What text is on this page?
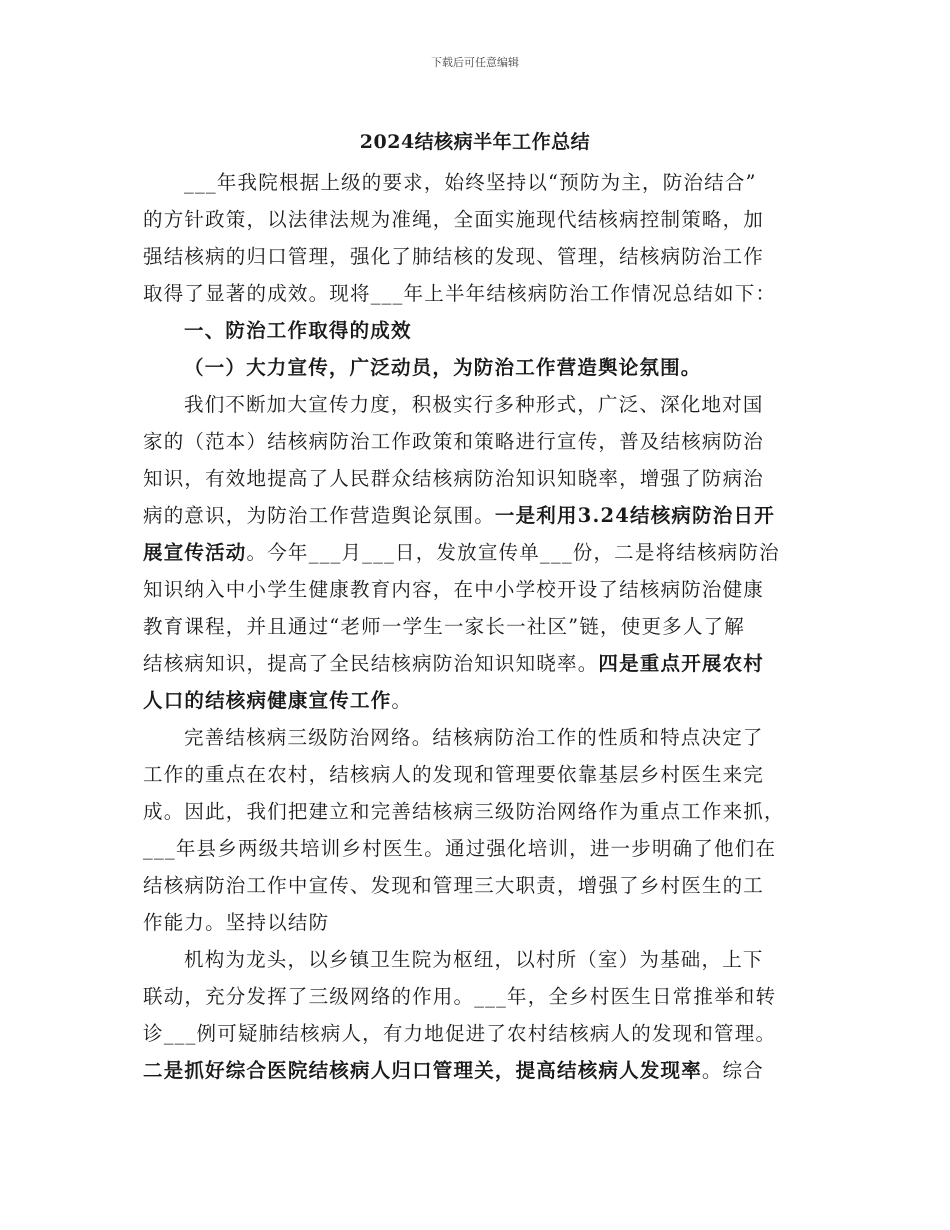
下载后可任意编辑
2024结核病半年工作总结
___年我院根据上级的要求，始终坚持以“预防为主，防治结合”
的方针政策，以法律法规为准绳，全面实施现代结核病控制策略，加
强结核病的归口管理，强化了肺结核的发现、管理，结核病防治工作
取得了显著的成效。现将___年上半年结核病防治工作情况总结如下：
一、防治工作取得的成效
（一）大力宣传，广泛动员，为防治工作营造舆论氛围。
我们不断加大宣传力度，积极实行多种形式，广泛、深化地对国
家的（范本）结核病防治工作政策和策略进行宣传，普及结核病防治
知识，有效地提高了人民群众结核病防治知识知晓率，增强了防病治
病的意识，为防治工作营造舆论氛围。一是利用3.24结核病防治日开
展宣传活动。今年___月___日，发放宣传单___份，二是将结核病防治
知识纳入中小学生健康教育内容，在中小学校开设了结核病防治健康
教育课程，并且通过“老师一学生一家长一社区”链，使更多人了解
结核病知识，提高了全民结核病防治知识知晓率。四是重点开展农村
人口的结核病健康宣传工作。
完善结核病三级防治网络。结核病防治工作的性质和特点决定了
工作的重点在农村，结核病人的发现和管理要依靠基层乡村医生来完
成。因此，我们把建立和完善结核病三级防治网络作为重点工作来抓，
___年县乡两级共培训乡村医生。通过强化培训，进一步明确了他们在
结核病防治工作中宣传、发现和管理三大职责，增强了乡村医生的工
作能力。坚持以结防
机构为龙头，以乡镇卫生院为枢纽，以村所（室）为基础，上下
联动，充分发挥了三级网络的作用。___年，全乡村医生日常推举和转
诊___例可疑肺结核病人，有力地促进了农村结核病人的发现和管理。
二是抓好综合医院结核病人归口管理关，提高结核病人发现率。综合
